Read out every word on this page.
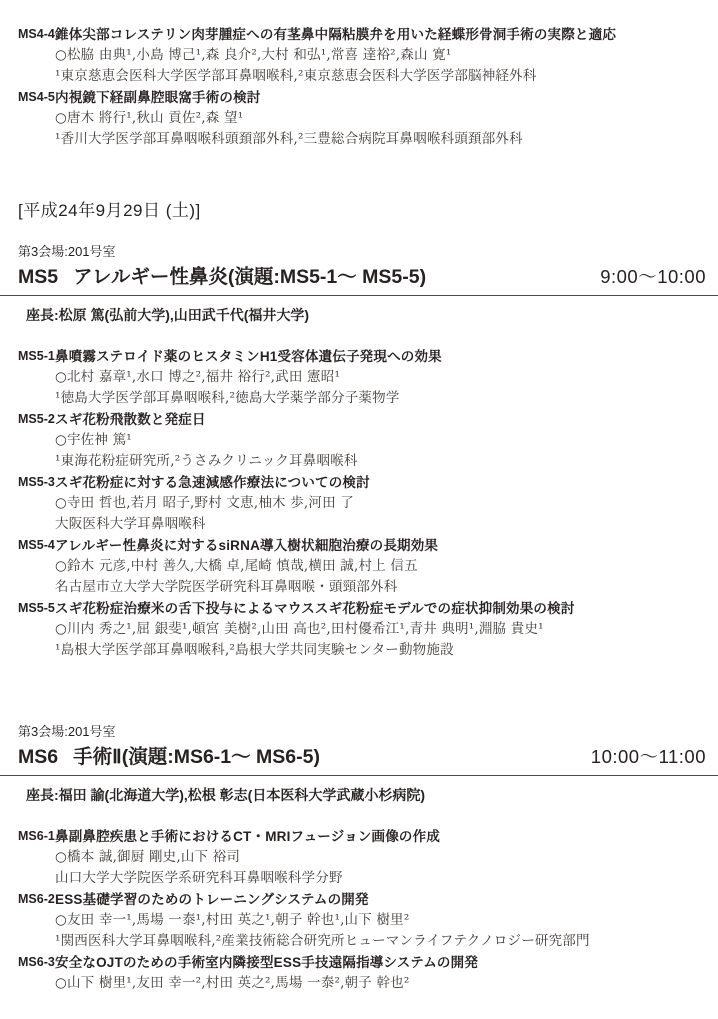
MS4-4 錐体尖部コレステリン肉芽腫症への有茎鼻中隔粘膜弁を用いた経蝶形骨洞手術の実際と適応
○松脇 由典¹,小島 博己¹,森 良介²,大村 和弘¹,常喜 達裕²,森山 寛¹
¹東京慈恵会医科大学医学部耳鼻咽喉科,²東京慈恵会医科大学医学部脳神経外科
MS4-5 内視鏡下経副鼻腔眼窩手術の検討
○唐木 將行¹,秋山 貢佐²,森 望¹
¹香川大学医学部耳鼻咽喉科頭頚部外科,²三豊総合病院耳鼻咽喉科頭頚部外科
[平成24年9月29日 (土)]
第3会場:201号室
MS5 アレルギー性鼻炎(演題:MS5-1〜 MS5-5)	9:00〜10:00
座長:松原 篤(弘前大学),山田武千代(福井大学)
MS5-1 鼻噴霧ステロイド薬のヒスタミンH1受容体遺伝子発現への効果
○北村 嘉章¹,水口 博之²,福井 裕行²,武田 憲昭¹
¹徳島大学医学部耳鼻咽喉科,²徳島大学薬学部分子薬物学
MS5-2 スギ花粉飛散数と発症日
○宇佐神 篤¹
¹東海花粉症研究所,²うさみクリニック耳鼻咽喉科
MS5-3 スギ花粉症に対する急速減感作療法についての検討
○寺田 哲也,若月 昭子,野村 文恵,柚木 歩,河田 了
大阪医科大学耳鼻咽喉科
MS5-4 アレルギー性鼻炎に対するsiRNA導入樹状細胞治療の長期効果
○鈴木 元彦,中村 善久,大橋 卓,尾崎 慎哉,横田 誠,村上 信五
名古屋市立大学大学院医学研究科耳鼻咽喉・頭頸部外科
MS5-5 スギ花粉症治療米の舌下投与によるマウススギ花粉症モデルでの症状抑制効果の検討
○川内 秀之¹,屈 銀斐¹,頓宮 美樹²,山田 高也²,田村優希江¹,青井 典明¹,淵脇 貴史¹
¹島根大学医学部耳鼻咽喉科,²島根大学共同実験センター動物施設
第3会場:201号室
MS6 手術Ⅱ(演題:MS6-1〜 MS6-5)	10:00〜11:00
座長:福田 諭(北海道大学),松根 彰志(日本医科大学武蔵小杉病院)
MS6-1 鼻副鼻腔疾患と手術におけるCT・MRIフュージョン画像の作成
○橋本 誠,御厨 剛史,山下 裕司
山口大学大学院医学系研究科耳鼻咽喉科学分野
MS6-2 ESS基礎学習のためのトレーニングシステムの開発
○友田 幸一¹,馬場 一泰¹,村田 英之¹,朝子 幹也¹,山下 樹里²
¹関西医科大学耳鼻咽喉科,²産業技術総合研究所ヒューマンライフテクノロジー研究部門
MS6-3 安全なOJTのための手術室内隣接型ESS手技遠隔指導システムの開発
○山下 樹里¹,友田 幸一²,村田 英之²,馬場 一泰²,朝子 幹也²
